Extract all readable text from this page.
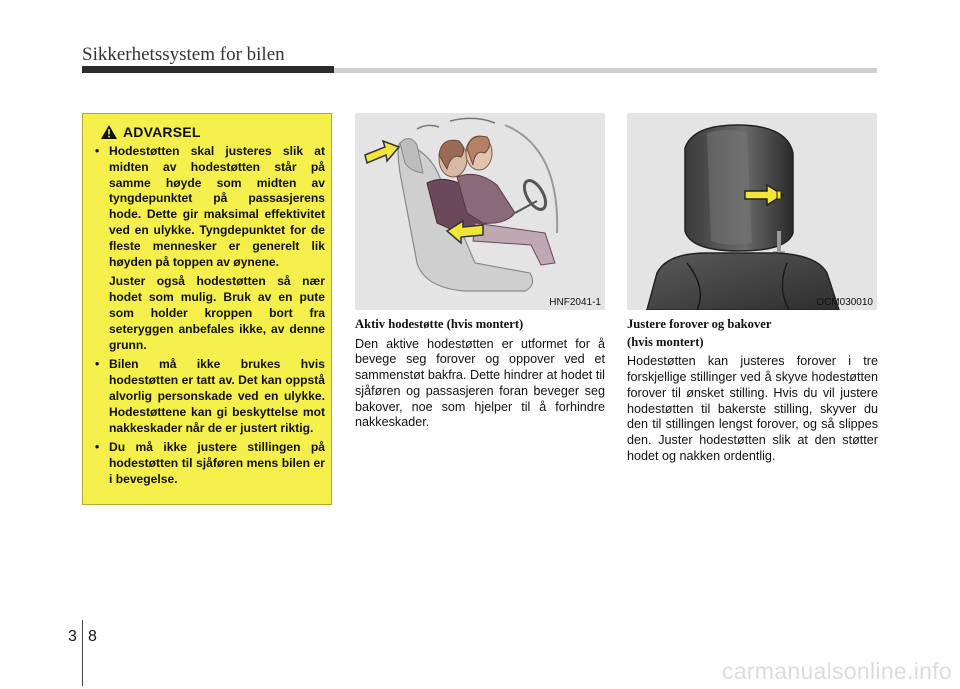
Sikkerhetssystem for bilen
ADVARSEL
• Hodestøtten skal justeres slik at midten av hodestøtten står på samme høyde som midten av tyngdepunktet på passasjerens hode. Dette gir maksimal effektivitet ved en ulykke. Tyngdepunktet for de fleste mennesker er generelt lik høyden på toppen av øynene.
Juster også hodestøtten så nær hodet som mulig. Bruk av en pute som holder kroppen bort fra seteryggen anbefales ikke, av denne grunn.
• Bilen må ikke brukes hvis hodestøtten er tatt av. Det kan oppstå alvorlig personskade ved en ulykke. Hodestøttene kan gi beskyttelse mot nakkeskader når de er justert riktig.
• Du må ikke justere stillingen på hodestøtten til sjåføren mens bilen er i bevegelse.
HNF2041-1	OCM030010
Aktiv hodestøtte (hvis montert)
Den aktive hodestøtten er utformet for å bevege seg forover og oppover ved et sammenstøt bakfra. Dette hindrer at hodet til sjåføren og passasjeren foran beveger seg bakover, noe som hjelper til å forhindre nakkeskader.
Justere forover og bakover
(hvis montert)
Hodestøtten kan justeres forover i tre forskjellige stillinger ved å skyve hodestøtten forover til ønsket stilling. Hvis du vil justere hodestøtten til bakerste stilling, skyver du den til stillingen lengst forover, og så slippes den. Juster hodestøtten slik at den støtter hodet og nakken ordentlig.
3 8
carmanualsonline.info
